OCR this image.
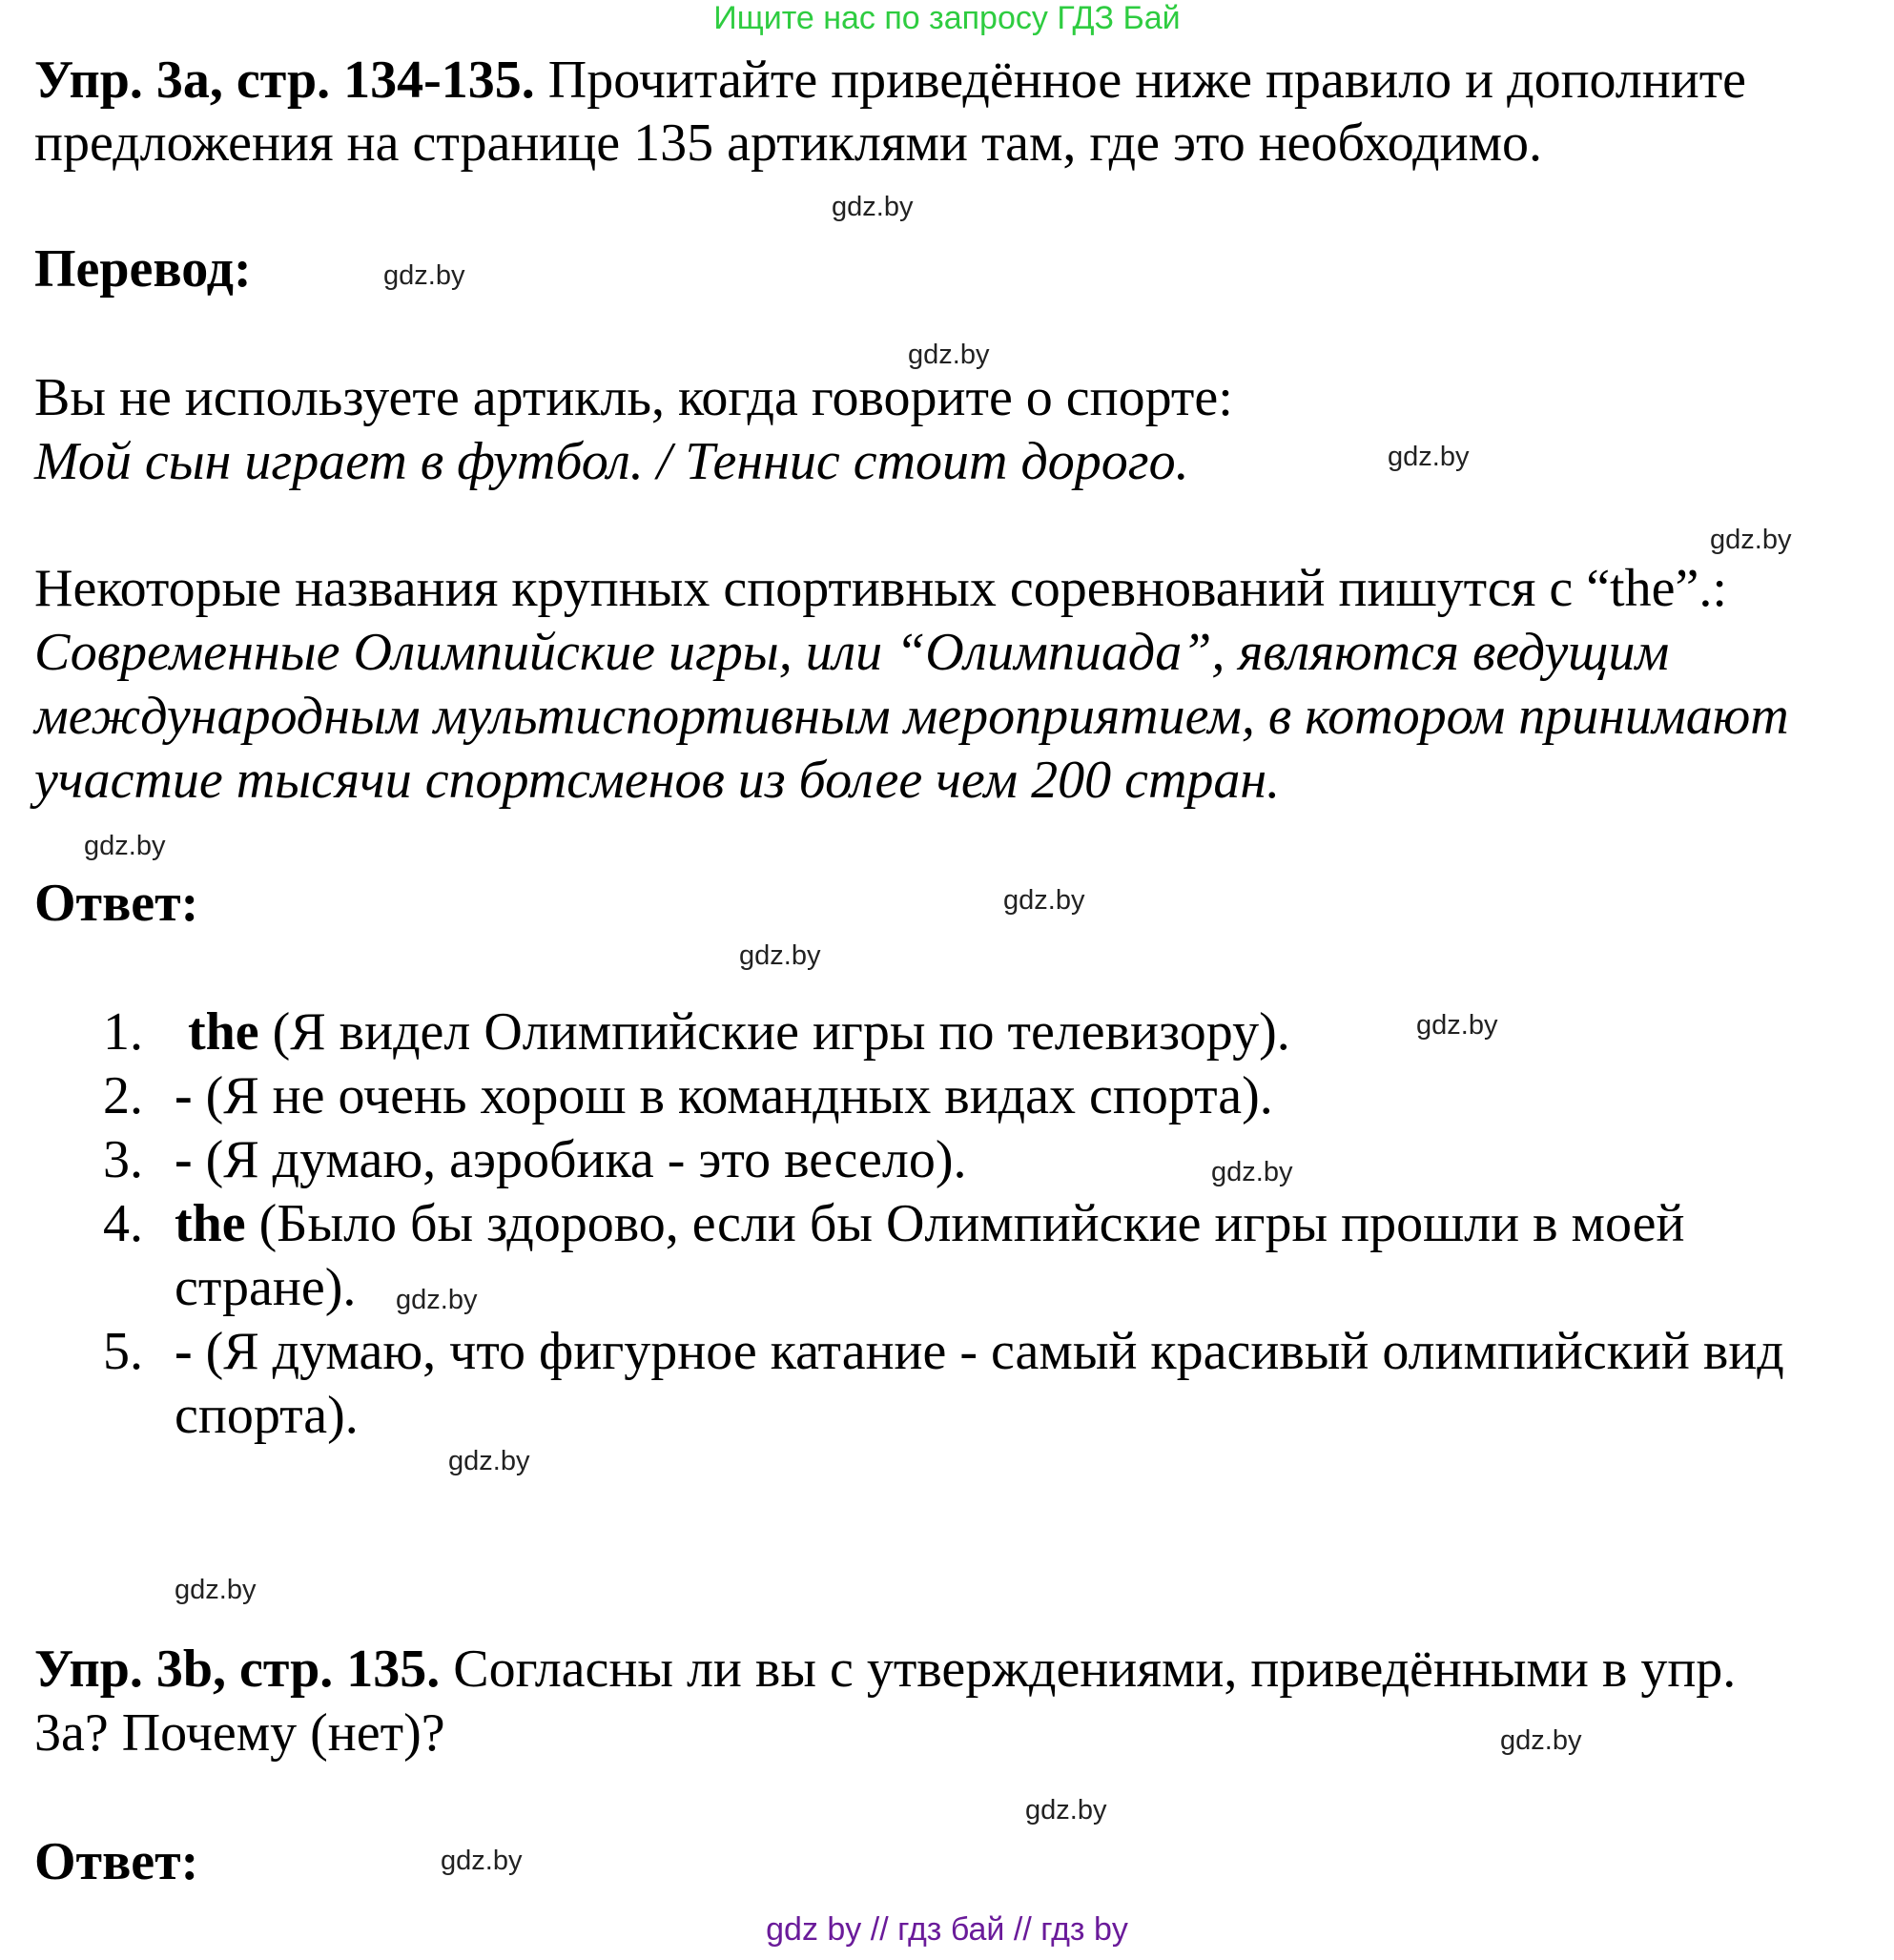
Ищите нас по запросу ГДЗ Бай
Упр. 3a, стр. 134-135. Прочитайте приведённое ниже правило и дополните
предложения на странице 135 артиклями там, где это необходимо.
gdz.by
Перевод:	gdz.by
gdz.by
Вы не используете артикль, когда говорите о спорте:
Мой сын играет в футбол. / Теннис стоит дорого.	gdz.by
gdz.by
Некоторые названия крупных спортивных соревнований пишутся с “the”.:
Современные Олимпийские игры, или “Олимпиада”, являются ведущим
международным мультиспортивным мероприятием, в котором принимают
участие тысячи спортсменов из более чем 200 стран.
gdz.by
Ответ:	gdz.by
gdz.by
1. the (Я видел Олимпийские игры по телевизору).	gdz.by
2. - (Я не очень хорош в командных видах спорта).
3. - (Я думаю, аэробика - это весело).	gdz.by
4. the (Было бы здорово, если бы Олимпийские игры прошли в моей
стране). gdz.by
5. - (Я думаю, что фигурное катание - самый красивый олимпийский вид
спорта).
gdz.by
gdz.by
Упр. 3b, стр. 135. Согласны ли вы с утверждениями, приведёнными в упр.
3a? Почему (нет)?	gdz.by
gdz.by
Ответ:	gdz.by
gdz by // гдз бай // гдз by
